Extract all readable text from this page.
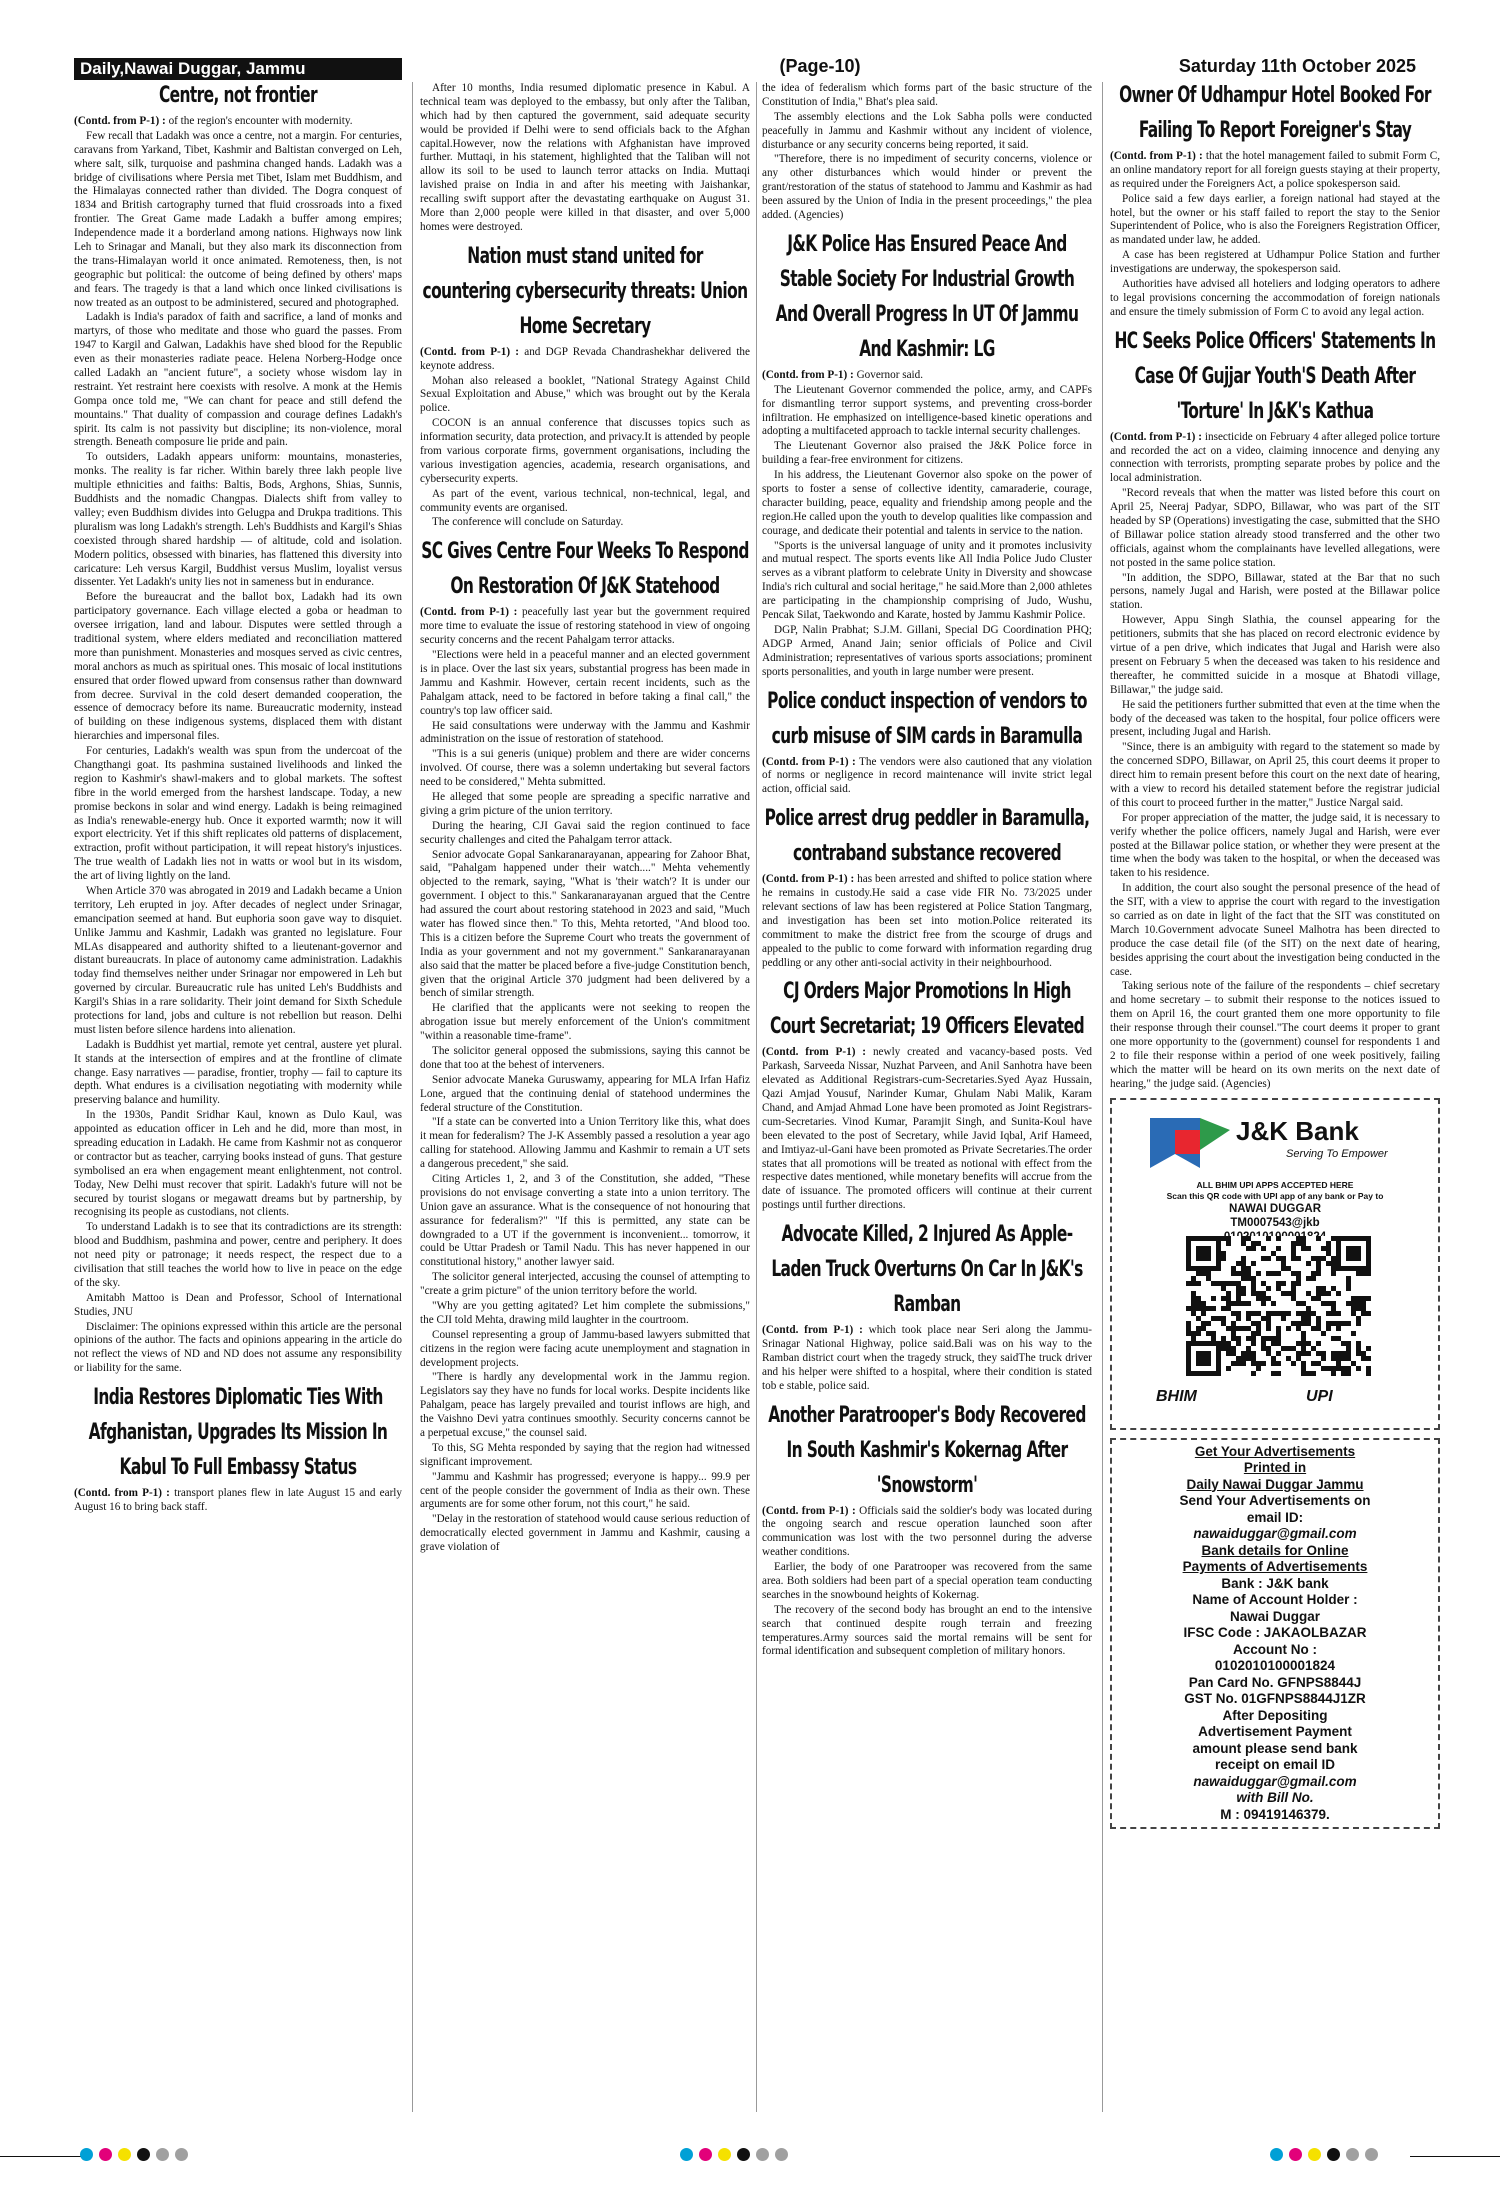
Daily,Nawai Duggar, Jammu	(Page-10)	Saturday 11th October 2025
Centre, not frontier

(Contd. from P-1) : of the region's encounter with modernity.

Few recall that Ladakh was once a centre, not a margin. For centuries, caravans from Yarkand, Tibet, Kashmir and Baltistan converged on Leh, where salt, silk, turquoise and pashmina changed hands. Ladakh was a bridge of civilisations where Persia met Tibet, Islam met Buddhism, and the Himalayas connected rather than divided. The Dogra conquest of 1834 and British cartography turned that fluid crossroads into a fixed frontier. The Great Game made Ladakh a buffer among empires; Independence made it a borderland among nations. Highways now link Leh to Srinagar and Manali, but they also mark its disconnection from the trans-Himalayan world it once animated. Remoteness, then, is not geographic but political: the outcome of being defined by others' maps and fears. The tragedy is that a land which once linked civilisations is now treated as an outpost to be administered, secured and photographed.

Ladakh is India's paradox of faith and sacrifice, a land of monks and martyrs, of those who meditate and those who guard the passes. From 1947 to Kargil and Galwan, Ladakhis have shed blood for the Republic even as their monasteries radiate peace. Helena Norberg-Hodge once called Ladakh an "ancient future", a society whose wisdom lay in restraint. Yet restraint here coexists with resolve. A monk at the Hemis Gompa once told me, "We can chant for peace and still defend the mountains." That duality of compassion and courage defines Ladakh's spirit. Its calm is not passivity but discipline; its non-violence, moral strength. Beneath composure lie pride and pain.

To outsiders, Ladakh appears uniform: mountains, monasteries, monks. The reality is far richer. Within barely three lakh people live multiple ethnicities and faiths: Baltis, Bods, Arghons, Shias, Sunnis, Buddhists and the nomadic Changpas. Dialects shift from valley to valley; even Buddhism divides into Gelugpa and Drukpa traditions. This pluralism was long Ladakh's strength. Leh's Buddhists and Kargil's Shias coexisted through shared hardship — of altitude, cold and isolation. Modern politics, obsessed with binaries, has flattened this diversity into caricature: Leh versus Kargil, Buddhist versus Muslim, loyalist versus dissenter. Yet Ladakh's unity lies not in sameness but in endurance.

Before the bureaucrat and the ballot box, Ladakh had its own participatory governance. Each village elected a goba or headman to oversee irrigation, land and labour. Disputes were settled through a traditional system, where elders mediated and reconciliation mattered more than punishment. Monasteries and mosques served as civic centres, moral anchors as much as spiritual ones. This mosaic of local institutions ensured that order flowed upward from consensus rather than downward from decree. Survival in the cold desert demanded cooperation, the essence of democracy before its name. Bureaucratic modernity, instead of building on these indigenous systems, displaced them with distant hierarchies and impersonal files.

For centuries, Ladakh's wealth was spun from the undercoat of the Changthangi goat. Its pashmina sustained livelihoods and linked the region to Kashmir's shawl-makers and to global markets. The softest fibre in the world emerged from the harshest landscape. Today, a new promise beckons in solar and wind energy. Ladakh is being reimagined as India's renewable-energy hub. Once it exported warmth; now it will export electricity. Yet if this shift replicates old patterns of displacement, extraction, profit without participation, it will repeat history's injustices. The true wealth of Ladakh lies not in watts or wool but in its wisdom, the art of living lightly on the land.

When Article 370 was abrogated in 2019 and Ladakh became a Union territory, Leh erupted in joy. After decades of neglect under Srinagar, emancipation seemed at hand. But euphoria soon gave way to disquiet. Unlike Jammu and Kashmir, Ladakh was granted no legislature. Four MLAs disappeared and authority shifted to a lieutenant-governor and distant bureaucrats. In place of autonomy came administration. Ladakhis today find themselves neither under Srinagar nor empowered in Leh but governed by circular. Bureaucratic rule has united Leh's Buddhists and Kargil's Shias in a rare solidarity. Their joint demand for Sixth Schedule protections for land, jobs and culture is not rebellion but reason. Delhi must listen before silence hardens into alienation.

Ladakh is Buddhist yet martial, remote yet central, austere yet plural. It stands at the intersection of empires and at the frontline of climate change. Easy narratives — paradise, frontier, trophy — fail to capture its depth. What endures is a civilisation negotiating with modernity while preserving balance and humility.

In the 1930s, Pandit Sridhar Kaul, known as Dulo Kaul, was appointed as education officer in Leh and he did, more than most, in spreading education in Ladakh. He came from Kashmir not as conqueror or contractor but as teacher, carrying books instead of guns. That gesture symbolised an era when engagement meant enlightenment, not control. Today, New Delhi must recover that spirit. Ladakh's future will not be secured by tourist slogans or megawatt dreams but by partnership, by recognising its people as custodians, not clients.

To understand Ladakh is to see that its contradictions are its strength: blood and Buddhism, pashmina and power, centre and periphery. It does not need pity or patronage; it needs respect, the respect due to a civilisation that still teaches the world how to live in peace on the edge of the sky.

Amitabh Mattoo is Dean and Professor, School of International Studies, JNU

Disclaimer: The opinions expressed within this article are the personal opinions of the author. The facts and opinions appearing in the article do not reflect the views of ND and ND does not assume any responsibility or liability for the same.

India Restores Diplomatic Ties With Afghanistan, Upgrades Its Mission In Kabul To Full Embassy Status

(Contd. from P-1) : transport planes flew in late August 15 and early August 16 to bring back staff.

After 10 months, India resumed diplomatic presence in Kabul. A technical team was deployed to the embassy, but only after the Taliban, which had by then captured the government, said adequate security would be provided if Delhi were to send officials back to the Afghan capital.However, now the relations with Afghanistan have improved further. Muttaqi, in his statement, highlighted that the Taliban will not allow its soil to be used to launch terror attacks on India. Muttaqi lavished praise on India in and after his meeting with Jaishankar, recalling swift support after the devastating earthquake on August 31. More than 2,000 people were killed in that disaster, and over 5,000 homes were destroyed.

Nation must stand united for countering cybersecurity threats: Union Home Secretary

(Contd. from P-1) : and DGP Revada Chandrashekhar delivered the keynote address.

Mohan also released a booklet, "National Strategy Against Child Sexual Exploitation and Abuse," which was brought out by the Kerala police.

COCON is an annual conference that discusses topics such as information security, data protection, and privacy.It is attended by people from various corporate firms, government organisations, including the various investigation agencies, academia, research organisations, and cybersecurity experts.

As part of the event, various technical, non-technical, legal, and community events are organised.

The conference will conclude on Saturday.

SC Gives Centre Four Weeks To Respond On Restoration Of J&K Statehood

(Contd. from P-1) : peacefully last year but the government required more time to evaluate the issue of restoring statehood in view of ongoing security concerns and the recent Pahalgam terror attacks.

"Elections were held in a peaceful manner and an elected government is in place. Over the last six years, substantial progress has been made in Jammu and Kashmir. However, certain recent incidents, such as the Pahalgam attack, need to be factored in before taking a final call," the country's top law officer said.

He said consultations were underway with the Jammu and Kashmir administration on the issue of restoration of statehood.

"This is a sui generis (unique) problem and there are wider concerns involved. Of course, there was a solemn undertaking but several factors need to be considered," Mehta submitted.

He alleged that some people are spreading a specific narrative and giving a grim picture of the union territory.

During the hearing, CJI Gavai said the region continued to face security challenges and cited the Pahalgam terror attack.

Senior advocate Gopal Sankaranarayanan, appearing for Zahoor Bhat, said, "Pahalgam happened under their watch...." Mehta vehemently objected to the remark, saying, "What is 'their watch'? It is under our government. I object to this." Sankaranarayanan argued that the Centre had assured the court about restoring statehood in 2023 and said, "Much water has flowed since then." To this, Mehta retorted, "And blood too. This is a citizen before the Supreme Court who treats the government of India as your government and not my government." Sankaranarayanan also said that the matter be placed before a five-judge Constitution bench, given that the original Article 370 judgment had been delivered by a bench of similar strength.

He clarified that the applicants were not seeking to reopen the abrogation issue but merely enforcement of the Union's commitment "within a reasonable time-frame".

The solicitor general opposed the submissions, saying this cannot be done that too at the behest of interveners.

Senior advocate Maneka Guruswamy, appearing for MLA Irfan Hafiz Lone, argued that the continuing denial of statehood undermines the federal structure of the Constitution.

"If a state can be converted into a Union Territory like this, what does it mean for federalism? The J-K Assembly passed a resolution a year ago calling for statehood. Allowing Jammu and Kashmir to remain a UT sets a dangerous precedent," she said.

Citing Articles 1, 2, and 3 of the Constitution, she added, "These provisions do not envisage converting a state into a union territory. The Union gave an assurance. What is the consequence of not honouring that assurance for federalism?" "If this is permitted, any state can be downgraded to a UT if the government is inconvenient... tomorrow, it could be Uttar Pradesh or Tamil Nadu. This has never happened in our constitutional history," another lawyer said.

The solicitor general interjected, accusing the counsel of attempting to "create a grim picture" of the union territory before the world.

"Why are you getting agitated? Let him complete the submissions," the CJI told Mehta, drawing mild laughter in the courtroom.

Counsel representing a group of Jammu-based lawyers submitted that citizens in the region were facing acute unemployment and stagnation in development projects.

"There is hardly any developmental work in the Jammu region. Legislators say they have no funds for local works. Despite incidents like Pahalgam, peace has largely prevailed and tourist inflows are high, and the Vaishno Devi yatra continues smoothly. Security concerns cannot be a perpetual excuse," the counsel said.

To this, SG Mehta responded by saying that the region had witnessed significant improvement.

"Jammu and Kashmir has progressed; everyone is happy... 99.9 per cent of the people consider the government of India as their own. These arguments are for some other forum, not this court," he said.

"Delay in the restoration of statehood would cause serious reduction of democratically elected government in Jammu and Kashmir, causing a grave violation of

the idea of federalism which forms part of the basic structure of the Constitution of India," Bhat's plea said.

The assembly elections and the Lok Sabha polls were conducted peacefully in Jammu and Kashmir without any incident of violence, disturbance or any security concerns being reported, it said.

"Therefore, there is no impediment of security concerns, violence or any other disturbances which would hinder or prevent the grant/restoration of the status of statehood to Jammu and Kashmir as had been assured by the Union of India in the present proceedings," the plea added. (Agencies)

J&K Police Has Ensured Peace And Stable Society For Industrial Growth And Overall Progress In UT Of Jammu And Kashmir: LG

(Contd. from P-1) : Governor said.

The Lieutenant Governor commended the police, army, and CAPFs for dismantling terror support systems, and preventing cross-border infiltration. He emphasized on intelligence-based kinetic operations and adopting a multifaceted approach to tackle internal security challenges.

The Lieutenant Governor also praised the J&K Police force in building a fear-free environment for citizens.

In his address, the Lieutenant Governor also spoke on the power of sports to foster a sense of collective identity, camaraderie, courage, character building, peace, equality and friendship among people and the region.He called upon the youth to develop qualities like compassion and courage, and dedicate their potential and talents in service to the nation.

"Sports is the universal language of unity and it promotes inclusivity and mutual respect. The sports events like All India Police Judo Cluster serves as a vibrant platform to celebrate Unity in Diversity and showcase India's rich cultural and social heritage," he said.More than 2,000 athletes are participating in the championship comprising of Judo, Wushu, Pencak Silat, Taekwondo and Karate, hosted by Jammu Kashmir Police.

DGP, Nalin Prabhat; S.J.M. Gillani, Special DG Coordination PHQ; ADGP Armed, Anand Jain; senior officials of Police and Civil Administration; representatives of various sports associations; prominent sports personalities, and youth in large number were present.

Police conduct inspection of vendors to curb misuse of SIM cards in Baramulla

(Contd. from P-1) : The vendors were also cautioned that any violation of norms or negligence in record maintenance will invite strict legal action, official said.

Police arrest drug peddler in Baramulla, contraband substance recovered

(Contd. from P-1) : has been arrested and shifted to police station where he remains in custody.He said a case vide FIR No. 73/2025 under relevant sections of law has been registered at Police Station Tangmarg, and investigation has been set into motion.Police reiterated its commitment to make the district free from the scourge of drugs and appealed to the public to come forward with information regarding drug peddling or any other anti-social activity in their neighbourhood.

CJ Orders Major Promotions In High Court Secretariat; 19 Officers Elevated

(Contd. from P-1) : newly created and vacancy-based posts. Ved Parkash, Sarveeda Nissar, Nuzhat Parveen, and Anil Sanhotra have been elevated as Additional Registrars-cum-Secretaries.Syed Ayaz Hussain, Qazi Amjad Yousuf, Narinder Kumar, Ghulam Nabi Malik, Karam Chand, and Amjad Ahmad Lone have been promoted as Joint Registrars-cum-Secretaries. Vinod Kumar, Paramjit Singh, and Sunita-Koul have been elevated to the post of Secretary, while Javid Iqbal, Arif Hameed, and Imtiyaz-ul-Gani have been promoted as Private Secretaries.The order states that all promotions will be treated as notional with effect from the respective dates mentioned, while monetary benefits will accrue from the date of issuance. The promoted officers will continue at their current postings until further directions.

Advocate Killed, 2 Injured As Apple-Laden Truck Overturns On Car In J&K's Ramban

(Contd. from P-1) : which took place near Seri along the Jammu-Srinagar National Highway, police said.Bali was on his way to the Ramban district court when the tragedy struck, they saidThe truck driver and his helper were shifted to a hospital, where their condition is stated tob e stable, police said.

Another Paratrooper's Body Recovered In South Kashmir's Kokernag After 'Snowstorm'

(Contd. from P-1) : Officials said the soldier's body was located during the ongoing search and rescue operation launched soon after communication was lost with the two personnel during the adverse weather conditions.

Earlier, the body of one Paratrooper was recovered from the same area. Both soldiers had been part of a special operation team conducting searches in the snowbound heights of Kokernag.

The recovery of the second body has brought an end to the intensive search that continued despite rough terrain and freezing temperatures.Army sources said the mortal remains will be sent for formal identification and subsequent completion of military honors.

Owner Of Udhampur Hotel Booked For Failing To Report Foreigner's Stay

(Contd. from P-1) : that the hotel management failed to submit Form C, an online mandatory report for all foreign guests staying at their property, as required under the Foreigners Act, a police spokesperson said.

Police said a few days earlier, a foreign national had stayed at the hotel, but the owner or his staff failed to report the stay to the Senior Superintendent of Police, who is also the Foreigners Registration Officer, as mandated under law, he added.

A case has been registered at Udhampur Police Station and further investigations are underway, the spokesperson said.

Authorities have advised all hoteliers and lodging operators to adhere to legal provisions concerning the accommodation of foreign nationals and ensure the timely submission of Form C to avoid any legal action.

HC Seeks Police Officers' Statements In Case Of Gujjar Youth'S Death After 'Torture' In J&K's Kathua

(Contd. from P-1) : insecticide on February 4 after alleged police torture and recorded the act on a video, claiming innocence and denying any connection with terrorists, prompting separate probes by police and the local administration.

"Record reveals that when the matter was listed before this court on April 25, Neeraj Padyar, SDPO, Billawar, who was part of the SIT headed by SP (Operations) investigating the case, submitted that the SHO of Billawar police station already stood transferred and the other two officials, against whom the complainants have levelled allegations, were not posted in the same police station.

"In addition, the SDPO, Billawar, stated at the Bar that no such persons, namely Jugal and Harish, were posted at the Billawar police station.

However, Appu Singh Slathia, the counsel appearing for the petitioners, submits that she has placed on record electronic evidence by virtue of a pen drive, which indicates that Jugal and Harish were also present on February 5 when the deceased was taken to his residence and thereafter, he committed suicide in a mosque at Bhatodi village, Billawar," the judge said.

He said the petitioners further submitted that even at the time when the body of the deceased was taken to the hospital, four police officers were present, including Jugal and Harish.

"Since, there is an ambiguity with regard to the statement so made by the concerned SDPO, Billawar, on April 25, this court deems it proper to direct him to remain present before this court on the next date of hearing, with a view to record his detailed statement before the registrar judicial of this court to proceed further in the matter," Justice Nargal said.

For proper appreciation of the matter, the judge said, it is necessary to verify whether the police officers, namely Jugal and Harish, were ever posted at the Billawar police station, or whether they were present at the time when the body was taken to the hospital, or when the deceased was taken to his residence.

In addition, the court also sought the personal presence of the head of the SIT, with a view to apprise the court with regard to the investigation so carried as on date in light of the fact that the SIT was constituted on March 10.Government advocate Suneel Malhotra has been directed to produce the case detail file (of the SIT) on the next date of hearing, besides apprising the court about the investigation being conducted in the case.

Taking serious note of the failure of the respondents – chief secretary and home secretary – to submit their response to the notices issued to them on April 16, the court granted them one more opportunity to file their response through their counsel."The court deems it proper to grant one more opportunity to the (government) counsel for respondents 1 and 2 to file their response within a period of one week positively, failing which the matter will be heard on its own merits on the next date of hearing," the judge said. (Agencies)

J&K Bank
Serving To Empower
ALL BHIM UPI APPS ACCEPTED HERE
Scan this QR code with UPI app of any bank or Pay to
NAWAI DUGGAR
TM0007543@jkb
BHIM	UPI
Get Your Advertisements
Printed in
Daily Nawai Duggar Jammu
Send Your Advertisements on
email ID:
nawaiduggar@gmail.com
Bank details for Online
Payments of Advertisements
Bank : J&K bank
Name of Account Holder :
Nawai Duggar
IFSC Code : JAKAOLBAZAR
Account No :
0102010100001824
Pan Card No. GFNPS8844J
GST No. 01GFNPS8844J1ZR
After Depositing
Advertisement Payment
amount please send bank
receipt on email ID
nawaiduggar@gmail.com
with Bill No.
M : 09419146379.
